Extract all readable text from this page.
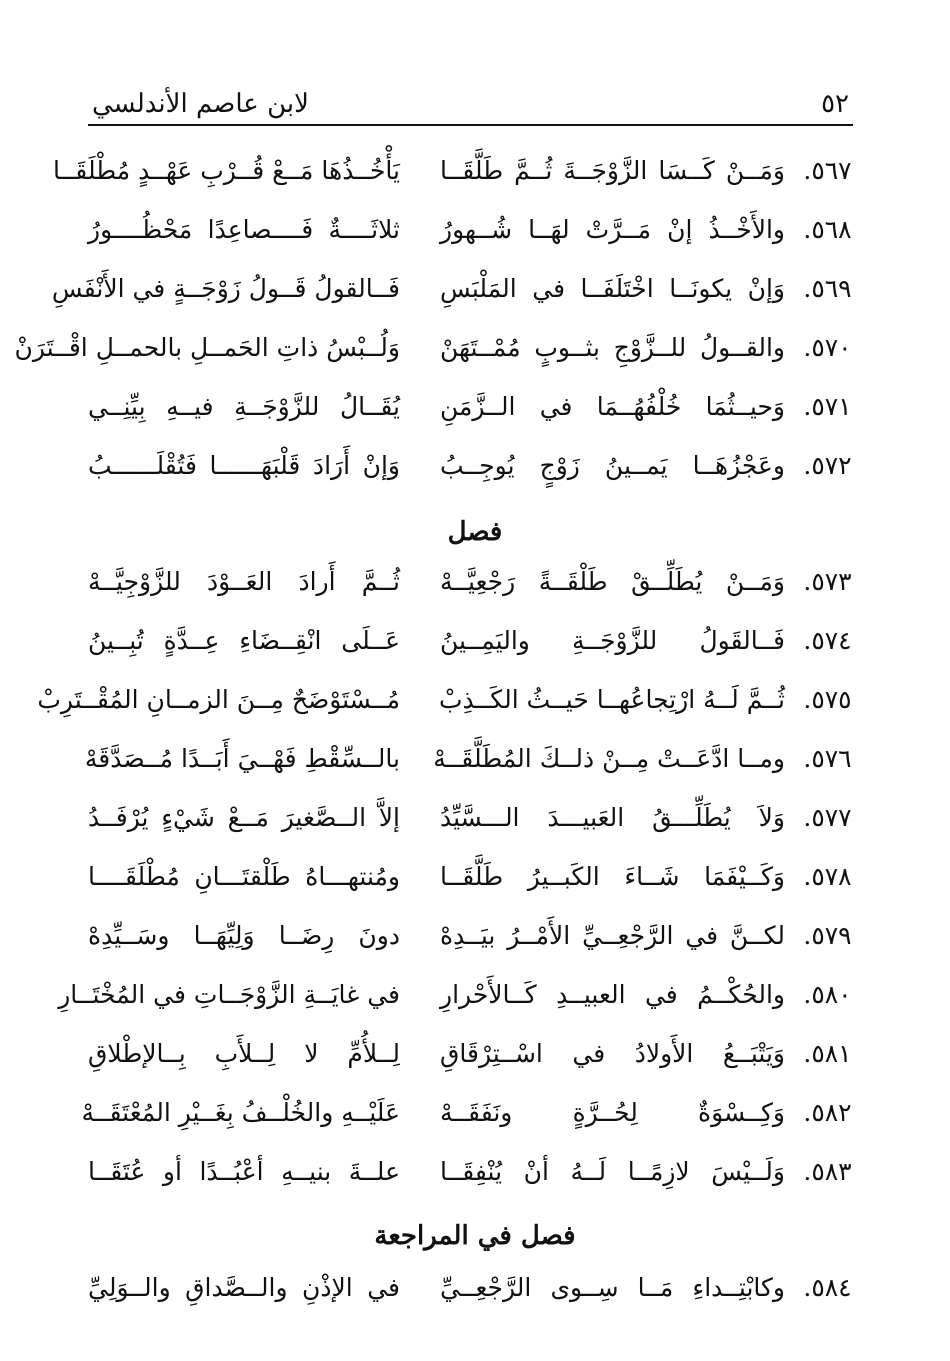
٥٢
لابن عاصم الأندلسي
٥٦٧.
وَمَــنْ كَــسَا الزَّوْجَــةَ ثُــمَّ طَلَّقَــا
يَأْخُــذُهَا مَــعْ قُــرْبِ عَهْــدٍ مُطْلَقَــا
٥٦٨.
والأَخْــذُ إنْ مَــرَّتْ لهَــا شُــهورُ
ثلاثَــــةٌ فَــــصاعِدًا مَحْظُــــورُ
٥٦٩.
وَإنْ يكونَــا اخْتَلَفَــا في المَلْبَسِ
فَــالقولُ قَــولُ زَوْجَــةٍ في الأَنْفَسِ
٥٧٠.
والقــولُ للــزَّوْجِ بثــوبٍ مُمْــتَهَنْ
وَلُــبْسُ ذاتِ الحَمــلِ بالحمــلِ اقْــتَرَنْ
٥٧١.
وَحيــثُمَا خُلْفُهُــمَا في الــزَّمَنِ
يُقَــالُ للزَّوْجَــةِ فيــهِ بِيِّنِــي
٥٧٢.
وعَجْزُهَــا يَمــينُ زَوْجٍ يُوجِــبُ
وَإنْ أَرَادَ قَلْبَهَــــــا فَتُقْلَــــــبُ
فصل
٥٧٣.
وَمَــنْ يُطَلِّــقْ طَلْقَــةً رَجْعِيَّــهْ
ثُــمَّ أَرادَ العَــوْدَ للزَّوْجِيَّــهْ
٥٧٤.
فَــالقَولُ للزَّوْجَــةِ واليَمِــينُ
عَــلَى انْقِــضَاءِ عِــدَّةٍ تُبِــينُ
٥٧٥.
ثُــمَّ لَــهُ ارْتِجاعُهــا حَيــثُ الكَــذِبْ
مُــسْتَوْضَحٌ مِــنَ الزمــانِ المُقْــتَرِبْ
٥٧٦.
ومــا ادَّعَــتْ مِــنْ ذلــكَ المُطَلَّقَــهْ
بالــسِّقْطِ فَهْــيَ أَبَــدًا مُــصَدَّقَهْ
٥٧٧.
وَلاَ يُطَلِّـــقُ العَبيـــدَ الـــسَّيِّدُ
إلاَّ الــصَّغيرَ مَــعْ شَيْءٍ يُرْفَــدُ
٥٧٨.
وَكَــيْفَمَا شَــاءَ الكَبــيرُ طَلَّقَــا
ومُنتهـــاهُ طَلْقتَـــانِ مُطْلَقَــــا
٥٧٩.
لكــنَّ في الرَّجْعِــيِّ الأَمْــرُ بيَــدِهْ
دونَ رِضَــا وَلِيِّهَــا وسَــيِّدِهْ
٥٨٠.
والحُكْــمُ في العبيــدِ كَــالأَحْرارِ
في غايَــةِ الزَّوْجَــاتِ في المُخْتَــارِ
٥٨١.
وَيَتْبَــعُ الأَولادُ في اسْــتِرْقَاقِ
لِــلأُمِّ لا لِــلأَبِ بِــالإطْلاقِ
٥٨٢.
وَكِــسْوَةٌ لِحُــرَّةٍ ونَفَقَــهْ
عَلَيْــهِ والخُلْــفُ بِغَــيْرِ المُعْتَقَــهْ
٥٨٣.
وَلَــيْسَ لازِمًــا لَــهُ أنْ يُنْفِقَــا
علــةَ بنيــهِ أعْبُــدًا أو عُتَقَــا
فصل في المراجعة
٥٨٤.
وكابْتِــداءِ مَــا سِــوى الرَّجْعِــيِّ
في الإذْنِ والــصَّداقِ والــوَلِيِّ
